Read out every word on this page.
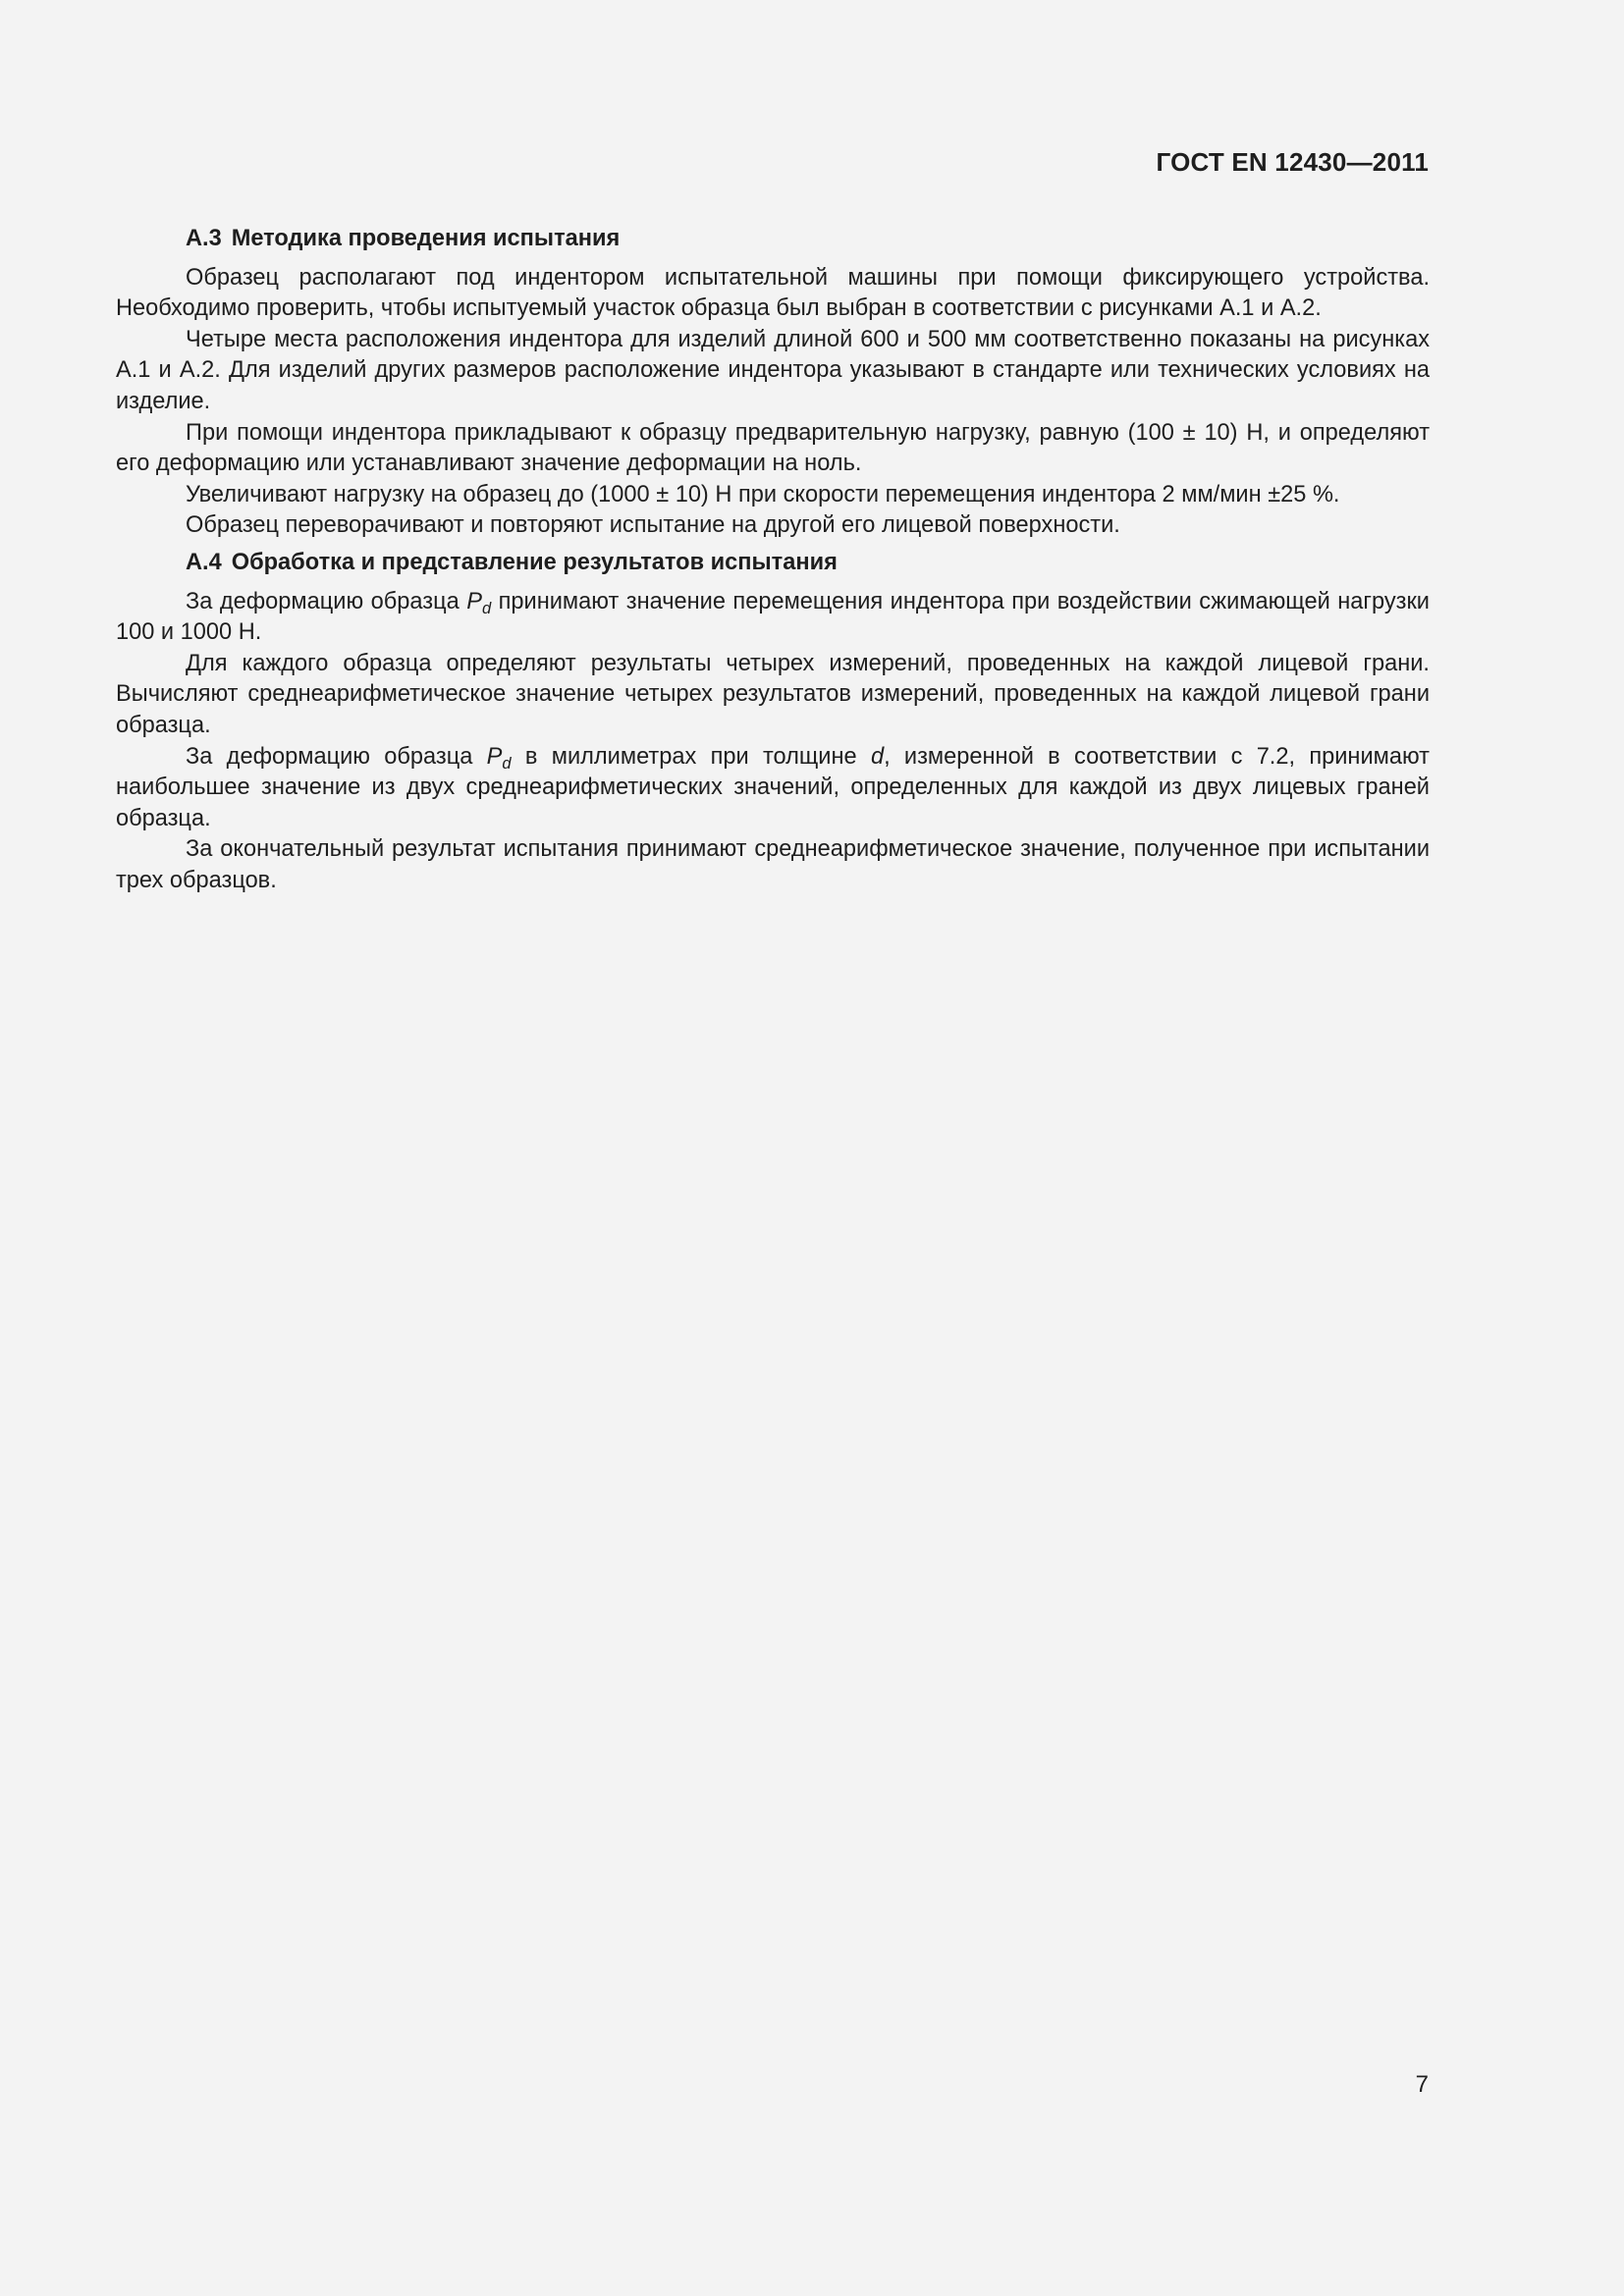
ГОСТ EN 12430—2011
А.3 Методика проведения испытания

Образец располагают под индентором испытательной машины при помощи фиксирующего устройства. Необходимо проверить, чтобы испытуемый участок образца был выбран в соответствии с рисунками А.1 и А.2.

Четыре места расположения индентора для изделий длиной 600 и 500 мм соответственно показаны на рисунках А.1 и А.2. Для изделий других размеров расположение индентора указывают в стандарте или технических условиях на изделие.

При помощи индентора прикладывают к образцу предварительную нагрузку, равную (100 ± 10) Н, и определяют его деформацию или устанавливают значение деформации на ноль.

Увеличивают нагрузку на образец до (1000 ± 10) Н при скорости перемещения индентора 2 мм/мин ±25 %.

Образец переворачивают и повторяют испытание на другой его лицевой поверхности.

А.4 Обработка и представление результатов испытания

За деформацию образца $P_d$ принимают значение перемещения индентора при воздействии сжимающей нагрузки 100 и 1000 Н.

Для каждого образца определяют результаты четырех измерений, проведенных на каждой лицевой грани. Вычисляют среднеарифметическое значение четырех результатов измерений, проведенных на каждой лицевой грани образца.

За деформацию образца $P_d$ в миллиметрах при толщине d, измеренной в соответствии с 7.2, принимают наибольшее значение из двух среднеарифметических значений, определенных для каждой из двух лицевых граней образца.

За окончательный результат испытания принимают среднеарифметическое значение, полученное при испытании трех образцов.

7
